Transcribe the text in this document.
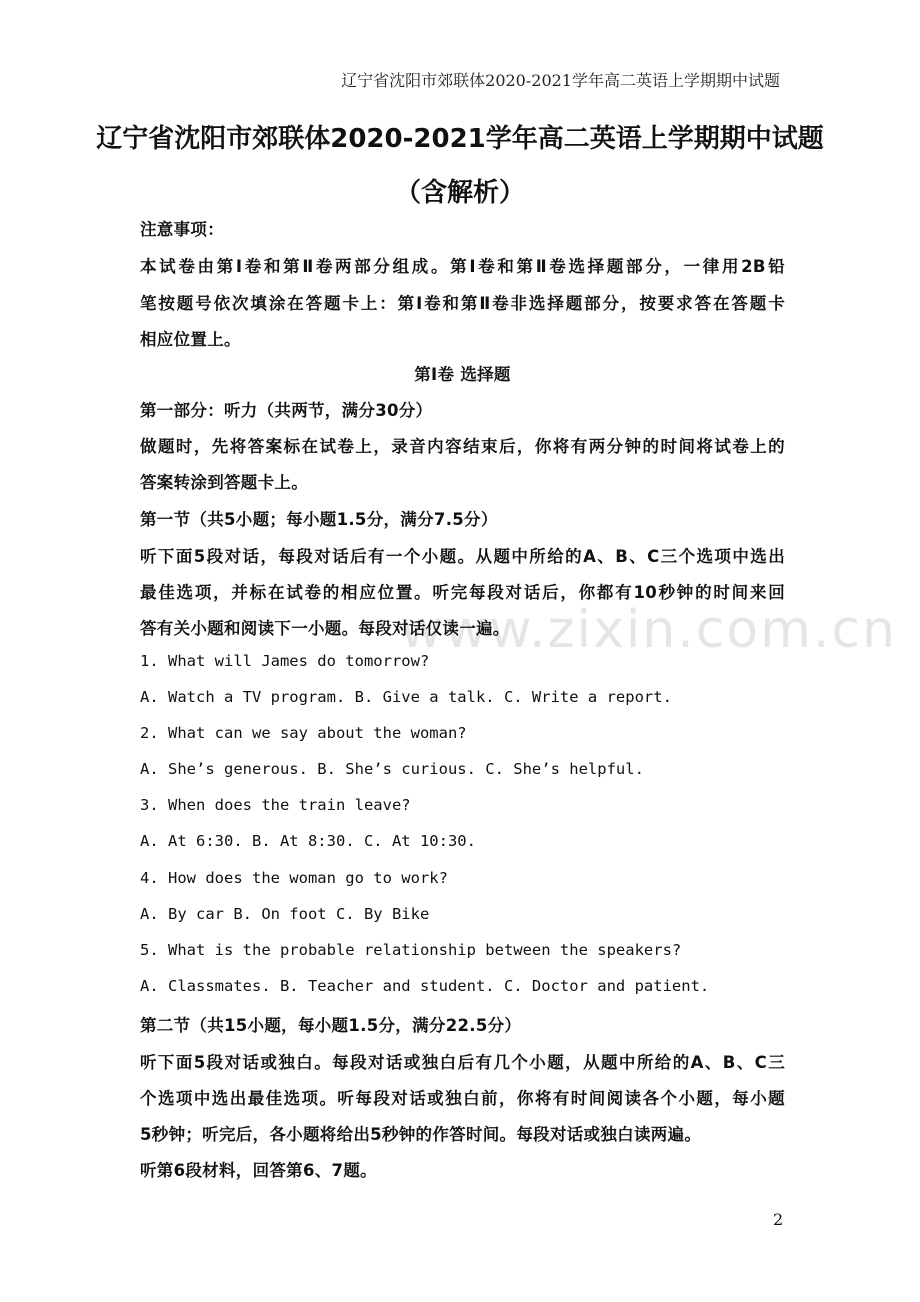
辽宁省沈阳市郊联体2020-2021学年高二英语上学期期中试题
辽宁省沈阳市郊联体2020-2021学年高二英语上学期期中试题
（含解析）
注意事项：
本试卷由第Ⅰ卷和第Ⅱ卷两部分组成。第Ⅰ卷和第Ⅱ卷选择题部分，一律用2B铅
笔按题号依次填涂在答题卡上：第Ⅰ卷和第Ⅱ卷非选择题部分，按要求答在答题卡
相应位置上。
第Ⅰ卷 选择题
第一部分：听力（共两节，满分30分）
做题时，先将答案标在试卷上，录音内容结束后，你将有两分钟的时间将试卷上的
答案转涂到答题卡上。
第一节（共5小题；每小题1.5分，满分7.5分）
听下面5段对话，每段对话后有一个小题。从题中所给的A、B、C三个选项中选出
最佳选项，并标在试卷的相应位置。听完每段对话后，你都有10秒钟的时间来回
答有关小题和阅读下一小题。每段对话仅读一遍。
1. What will James do tomorrow?
A. Watch a TV program. B. Give a talk. C. Write a report.
2. What can we say about the woman?
A. She’s generous. B. She’s curious. C. She’s helpful.
3. When does the train leave?
A. At 6:30. B. At 8:30. C. At 10:30.
4. How does the woman go to work?
A. By car B. On foot C. By Bike
5. What is the probable relationship between the speakers?
A. Classmates. B. Teacher and student. C. Doctor and patient.
第二节（共15小题，每小题1.5分，满分22.5分）
听下面5段对话或独白。每段对话或独白后有几个小题，从题中所给的A、B、C三
个选项中选出最佳选项。听每段对话或独白前，你将有时间阅读各个小题，每小题
5秒钟；听完后，各小题将给出5秒钟的作答时间。每段对话或独白读两遍。
听第6段材料，回答第6、7题。
www.zixin.com.cn
2
